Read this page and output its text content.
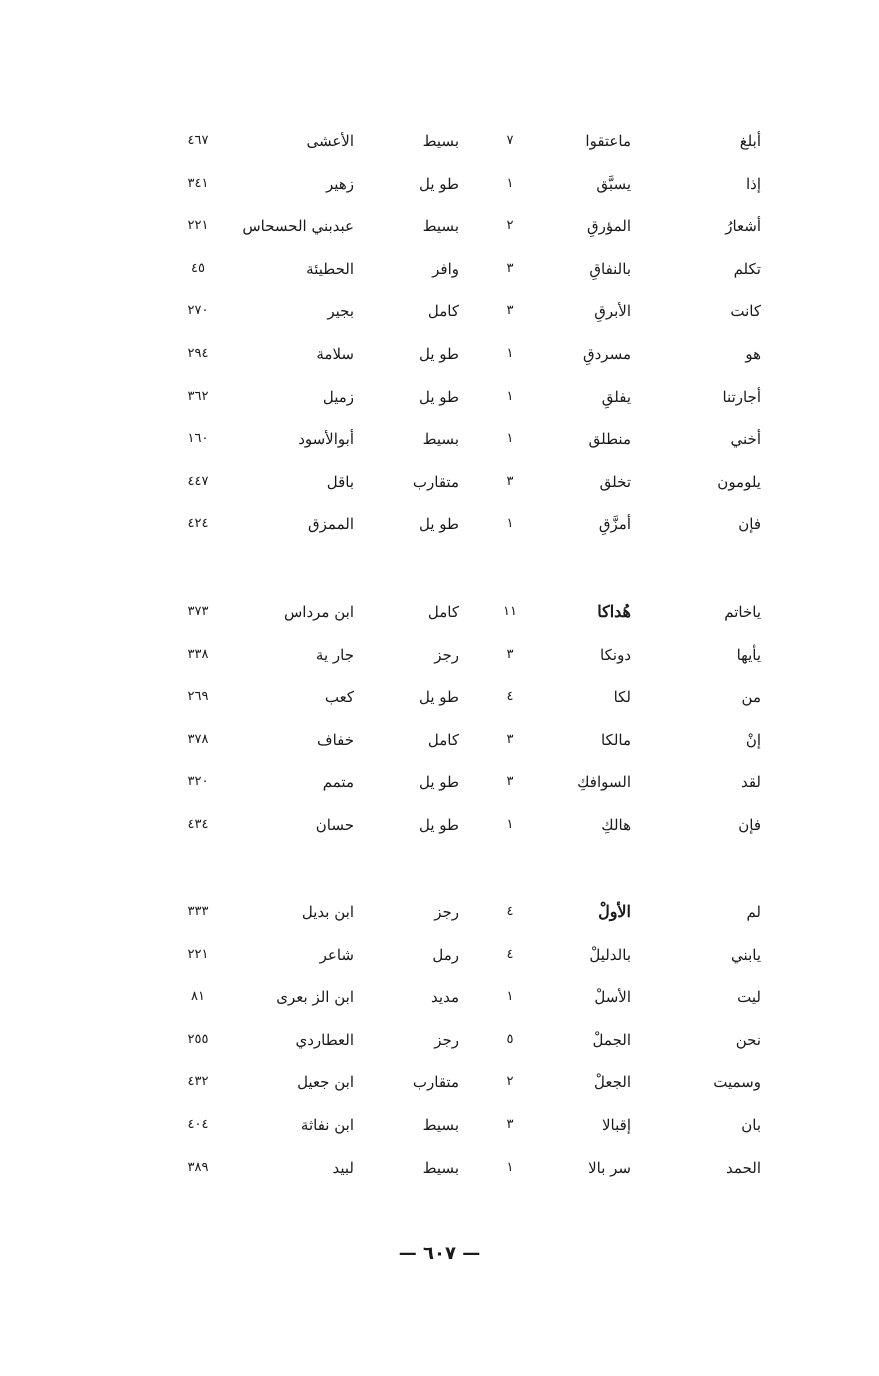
أبلغ
ماعتقوا
٧
بسيط
الأعشى
٤٦٧
إذا
يسبَّق
١
طو يل
زهير
٣٤١
أشعارُ
المؤرقِ
٢
بسيط
عبدبني الحسحاس
٢٢١
تكلم
بالنفاقِ
٣
وافر
الحطيئة
٤٥
كانت
الأبرقِ
٣
كامل
بجير
٢٧٠
هو
مسردقِ
١
طو يل
سلامة
٢٩٤
أجارتنا
يفلقِ
١
طو يل
زميل
٣٦٢
أخني
منطلق
١
بسيط
أبوالأسود
١٦٠
يلومون
تخلق
٣
متقارب
باقل
٤٤٧
فإن
أمزَّقِ
١
طو يل
الممزق
٤٢٤
ياخاتم
هُداكا
١١
كامل
ابن مرداس
٣٧٣
يأيها
دونكا
٣
رجز
جار ية
٣٣٨
من
لكا
٤
طو يل
كعب
٢٦٩
إنْ
مالكا
٣
كامل
خفاف
٣٧٨
لقد
السوافكِ
٣
طو يل
متمم
٣٢٠
فإن
هالكِ
١
طو يل
حسان
٤٣٤
لم
الأولْ
٤
رجز
ابن بديل
٣٣٣
يابني
بالدليلْ
٤
رمل
شاعر
٢٢١
ليت
الأسلْ
١
مديد
ابن الز بعرى
٨١
نحن
الجملْ
٥
رجز
العطاردي
٢٥٥
وسميت
الجعلْ
٢
متقارب
ابن جعيل
٤٣٢
بان
إقبالا
٣
بسيط
ابن نفاثة
٤٠٤
الحمد
سر بالا
١
بسيط
لبيد
٣٨٩
— ٦٠٧ —
